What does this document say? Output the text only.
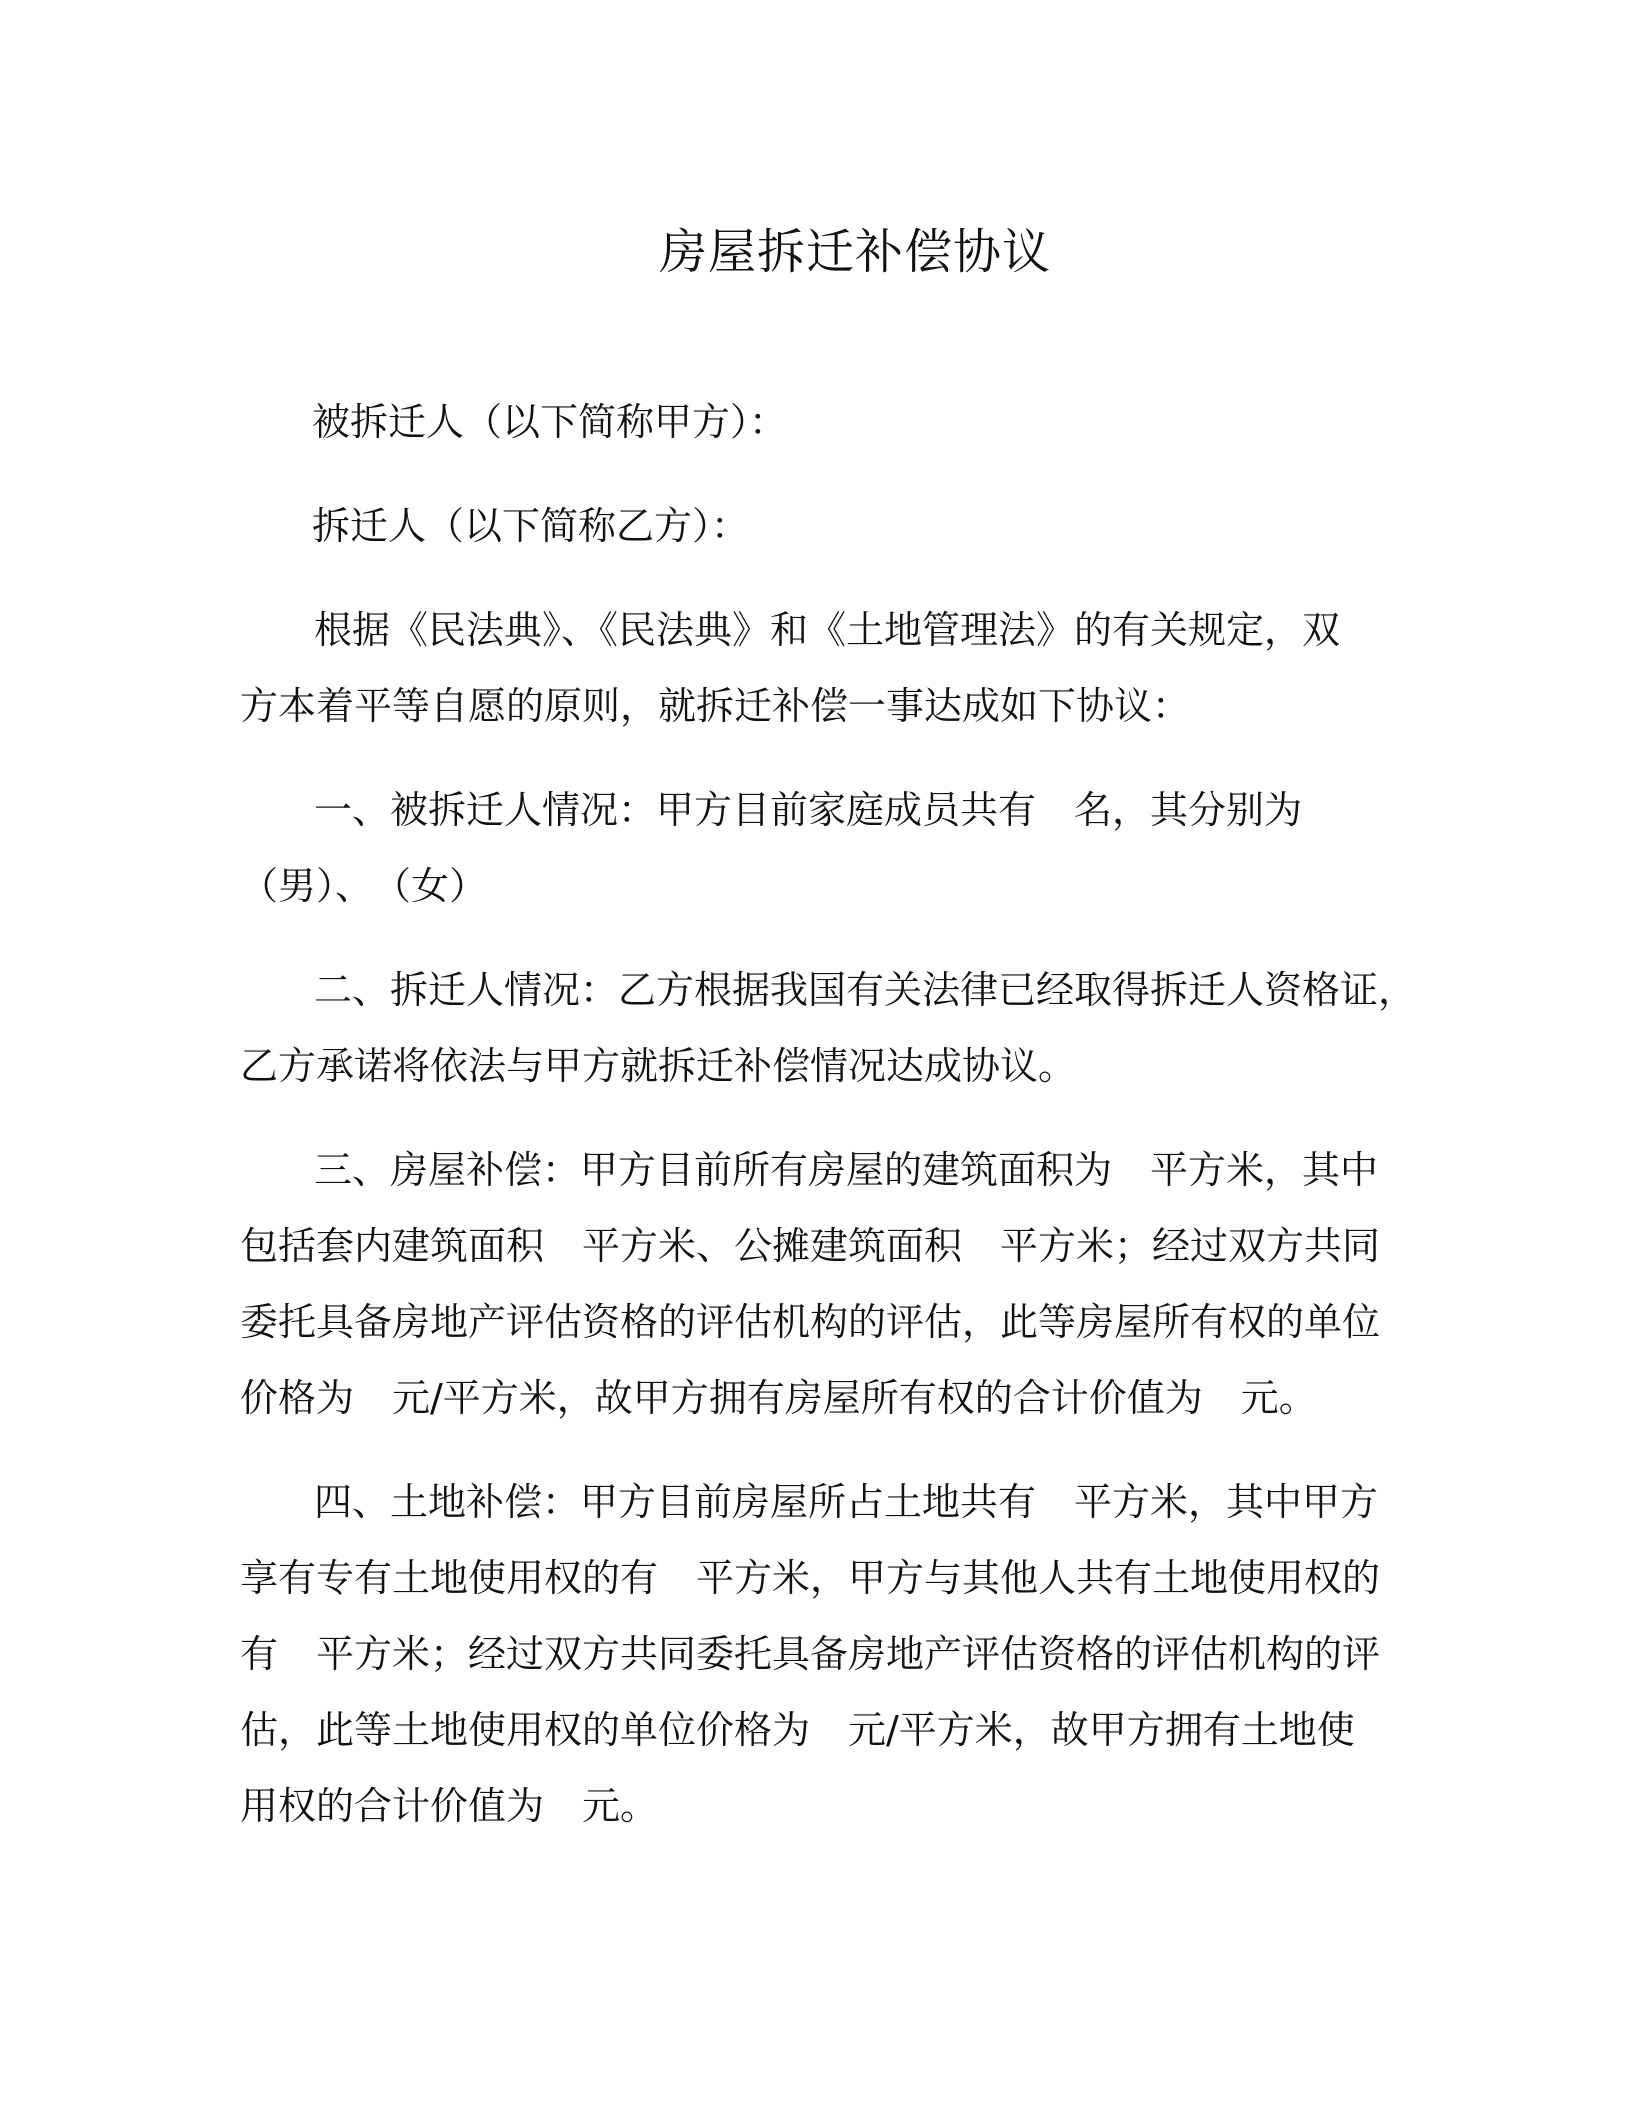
房屋拆迁补偿协议
被拆迁人（以下简称甲方）：
拆迁人（以下简称乙方）：
根据《民法典》、《民法典》和《土地管理法》的有关规定，双
方本着平等自愿的原则，就拆迁补偿一事达成如下协议：
一、被拆迁人情况：甲方目前家庭成员共有　名，其分别为
（男）、　（女）
二、拆迁人情况：乙方根据我国有关法律已经取得拆迁人资格证，
乙方承诺将依法与甲方就拆迁补偿情况达成协议。
三、房屋补偿：甲方目前所有房屋的建筑面积为　平方米，其中
包括套内建筑面积　平方米、公摊建筑面积　平方米；经过双方共同
委托具备房地产评估资格的评估机构的评估，此等房屋所有权的单位
价格为　元/平方米，故甲方拥有房屋所有权的合计价值为　元。
四、土地补偿：甲方目前房屋所占土地共有　平方米，其中甲方
享有专有土地使用权的有　平方米，甲方与其他人共有土地使用权的
有　平方米；经过双方共同委托具备房地产评估资格的评估机构的评
估，此等土地使用权的单位价格为　元/平方米，故甲方拥有土地使
用权的合计价值为　元。
